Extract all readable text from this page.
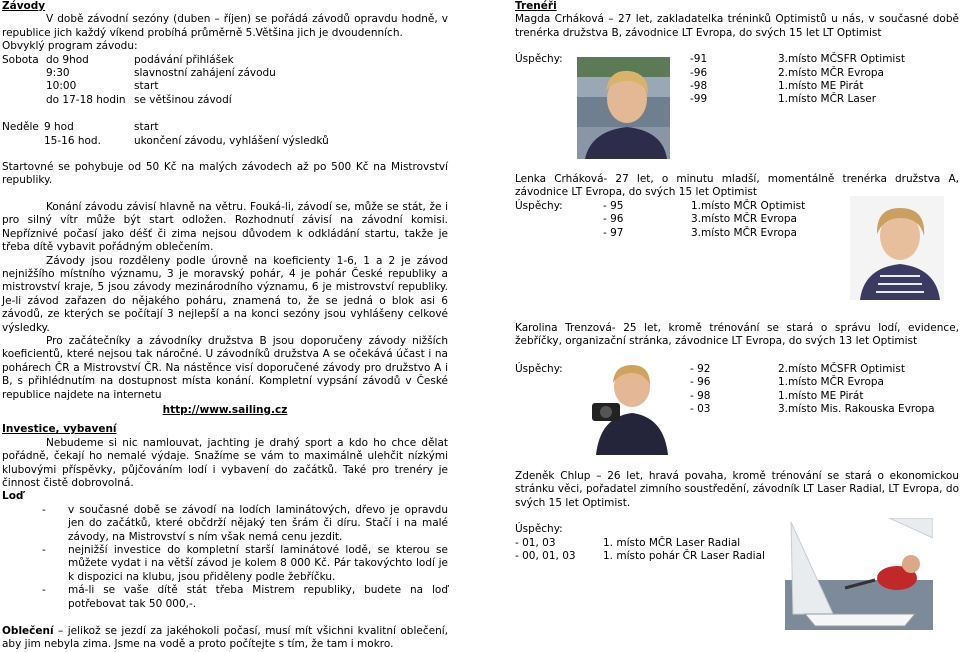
Závody

V době závodní sezóny (duben – říjen) se pořádá závodů opravdu hodně, v republice jich každý víkend probíhá průměrně 5.Většina jich je dvoudenních.

Obvyklý program závodu:

Sobota do 9hod	podávání přihlášek
9:30	slavnostní zahájení závodu
10:00	start
do 17-18 hodin se většinou závodí
Neděle 9 hod	start
15-16 hod.	ukončení závodu, vyhlášení výsledků

Startovné se pohybuje od 50 Kč na malých závodech až po 500 Kč na Mistrovství republiky.

Konání závodu závisí hlavně na větru. Fouká-li, závodí se, může se stát, že i pro silný vítr může být start odložen. Rozhodnutí závisí na závodní komisi. Nepříznivé počasí jako déšť či zima nejsou důvodem k odkládání startu, takže je třeba dítě vybavit pořádným oblečením.

Závody jsou rozděleny podle úrovně na koeficienty 1-6, 1 a 2 je závod nejnižšího místního významu, 3 je moravský pohár, 4 je pohár České republiky a mistrovství kraje, 5 jsou závody mezinárodního významu, 6 je mistrovství republiky. Je-li závod zařazen do nějakého poháru, znamená to, že se jedná o blok asi 6 závodů, ze kterých se počítají 3 nejlepší a na konci sezóny jsou vyhlášeny celkové výsledky.

Pro začátečníky a závodníky družstva B jsou doporučeny závody nižších koeficientů, které nejsou tak náročné. U závodníků družstva A se očekává účast i na pohárech ČR a Mistrovství ČR. Na nástěnce visí doporučené závody pro družstvo A i B, s přihlédnutím na dostupnost místa konání. Kompletní vypsání závodů v České republice najdete na internetu

http://www.sailing.cz

Investice, vybavení

Nebudeme si nic namlouvat, jachting je drahý sport a kdo ho chce dělat pořádně, čekají ho nemalé výdaje. Snažíme se vám to maximálně ulehčit nízkými klubovými příspěvky, půjčováním lodí i vybavení do začátků. Také pro trenéry je činnost čistě dobrovolná.

Loď

- v současné době se závodí na lodích laminátových, dřevo je opravdu jen do začátků, které občdrží nějaký ten šrám či díru. Stačí i na malé závody, na Mistrovství s ním však nemá cenu jezdit.
- nejnižší investice do kompletní starší laminátové lodě, se kterou se můžete vydat i na větší závod je kolem 8 000 Kč. Pár takovýchto lodí je k dispozici na klubu, jsou přiděleny podle žebříčku.
- má-li se vaše dítě stát třeba Mistrem republiky, budete na loď potřebovat tak 50 000,-.

Oblečení – jelikož se jezdí za jakéhokoli počasí, musí mít všichni kvalitní oblečení, aby jim nebyla zima. Jsme na vodě a proto počítejte s tím, že tam i mokro.

Trenéři

Magda Crháková – 27 let, zakladatelka tréninků Optimistů u nás, v současné době trenérka družstva B, závodnice LT Evropa, do svých 15 let LT Optimist

Úspěchy:	-91	3.místo MČSFR Optimist
-96	2.místo MČR Evropa
-98	1.místo ME Pirát
-99	1.místo MČR Laser

Lenka Crháková- 27 let, o minutu mladší, momentálně trenérka družstva A, závodnice LT Evropa, do svých 15 let Optimist

Úspěchy:	- 95	1.místo MČR Optimist
- 96	3.místo MČR Evropa
- 97	3.místo MČR Evropa

Karolina Trenzová- 25 let, kromě trénování se stará o správu lodí, evidence, žebříčky, organizační stránka, závodnice LT Evropa, do svých 13 let Optimist

Úspěchy:	- 92	2.místo MČSFR Optimist
- 96	1.místo MČR Evropa
- 98	1.místo ME Pirát
- 03	3.místo Mis. Rakouska Evropa

Zdeněk Chlup – 26 let, hravá povaha, kromě trénování se stará o ekonomickou stránku věci, pořadatel zimního soustředění, závodník LT Laser Radial, LT Evropa, do svých 15 let Optimist.

Úspěchy:

- 01, 03	1. místo MČR Laser Radial
- 00, 01, 03	1. místo pohár ČR Laser Radial
